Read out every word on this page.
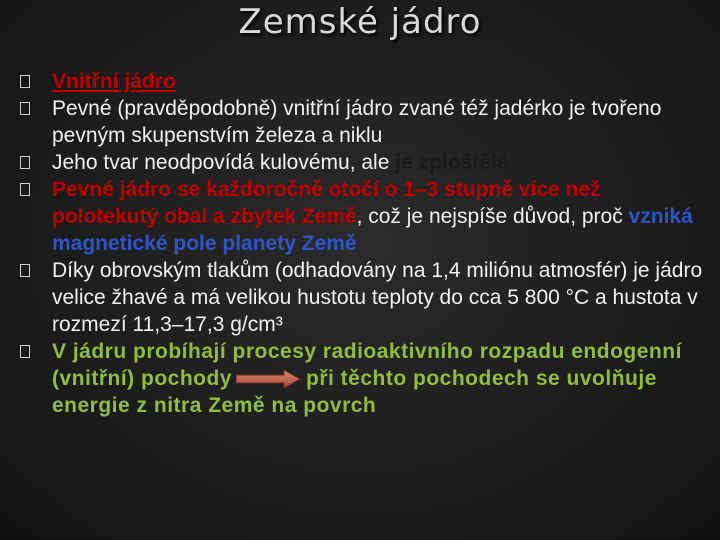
Zemské jádro
Vnitřní jádro
Pevné (pravděpodobně) vnitřní jádro zvané též jadérko je tvořeno pevným skupenstvím železa a niklu
Jeho tvar neodpovídá kulovému, ale je zploštělé
Pevné jádro se každoročně otočí o 1–3 stupně více než polotekutý obal a zbytek Země, což je nejspíše důvod, proč vzniká magnetické pole planety Země
Díky obrovským tlakům (odhadovány na 1,4 miliónu atmosfér) je jádro velice žhavé a má velikou hustotu teploty do cca 5 800 °C a hustota v rozmezí 11,3–17,3 g/cm³
V jádru probíhají procesy radioaktivního rozpadu endogenní (vnitřní) pochody	při těchto pochodech se uvolňuje energie z nitra Země na povrch
